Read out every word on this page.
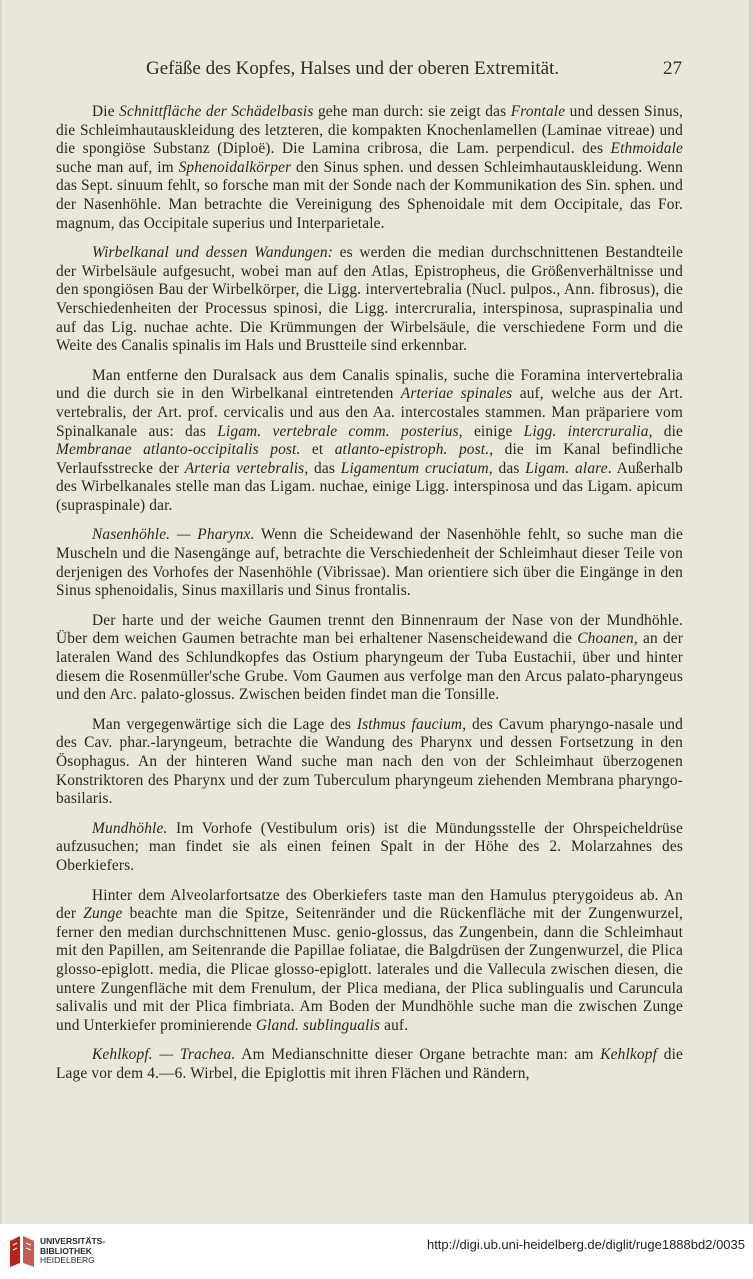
Gefäße des Kopfes, Halses und der oberen Extremität.	27

Die Schnittfläche der Schädelbasis gehe man durch: sie zeigt das Frontale und dessen Sinus, die Schleimhautauskleidung des letzteren, die kompakten Knochenlamellen (Laminae vitreae) und die spongiöse Substanz (Diploë). Die Lamina cribrosa, die Lam. perpendicul. des Ethmoidale suche man auf, im Sphenoidalkörper den Sinus sphen. und dessen Schleimhautauskleidung. Wenn das Sept. sinuum fehlt, so forsche man mit der Sonde nach der Kommunikation des Sin. sphen. und der Nasenhöhle. Man betrachte die Vereinigung des Sphenoidale mit dem Occipitale, das For. magnum, das Occipitale superius und Interparietale.

Wirbelkanal und dessen Wandungen: es werden die median durchschnittenen Bestandteile der Wirbelsäule aufgesucht, wobei man auf den Atlas, Epistropheus, die Größenverhältnisse und den spongiösen Bau der Wirbelkörper, die Ligg. intervertebralia (Nucl. pulpos., Ann. fibrosus), die Verschiedenheiten der Processus spinosi, die Ligg. intercruralia, interspinosa, supraspinalia und auf das Lig. nuchae achte. Die Krümmungen der Wirbelsäule, die verschiedene Form und die Weite des Canalis spinalis im Hals und Brustteile sind erkennbar.

Man entferne den Duralsack aus dem Canalis spinalis, suche die Foramina intervertebralia und die durch sie in den Wirbelkanal eintretenden Arteriae spinales auf, welche aus der Art. vertebralis, der Art. prof. cervicalis und aus den Aa. intercostales stammen. Man präpariere vom Spinalkanale aus: das Ligam. vertebrale comm. posterius, einige Ligg. intercruralia, die Membranae atlanto-occipitalis post. et atlanto-epistroph. post., die im Kanal befindliche Verlaufsstrecke der Arteria vertebralis, das Ligamentum cruciatum, das Ligam. alare. Außerhalb des Wirbelkanales stelle man das Ligam. nuchae, einige Ligg. interspinosa und das Ligam. apicum (supraspinale) dar.

Nasenhöhle. — Pharynx. Wenn die Scheidewand der Nasenhöhle fehlt, so suche man die Muscheln und die Nasengänge auf, betrachte die Verschiedenheit der Schleimhaut dieser Teile von derjenigen des Vorhofes der Nasenhöhle (Vibrissae). Man orientiere sich über die Eingänge in den Sinus sphenoidalis, Sinus maxillaris und Sinus frontalis.

Der harte und der weiche Gaumen trennt den Binnenraum der Nase von der Mundhöhle. Über dem weichen Gaumen betrachte man bei erhaltener Nasenscheidewand die Choanen, an der lateralen Wand des Schlundkopfes das Ostium pharyngeum der Tuba Eustachii, über und hinter diesem die Rosenmüller'sche Grube. Vom Gaumen aus verfolge man den Arcus palato-pharyngeus und den Arc. palato-glossus. Zwischen beiden findet man die Tonsille.

Man vergegenwärtige sich die Lage des Isthmus faucium, des Cavum pharyngo-nasale und des Cav. phar.-laryngeum, betrachte die Wandung des Pharynx und dessen Fortsetzung in den Ösophagus. An der hinteren Wand suche man nach den von der Schleimhaut überzogenen Konstriktoren des Pharynx und der zum Tuberculum pharyngeum ziehenden Membrana pharyngo-basilaris.

Mundhöhle. Im Vorhofe (Vestibulum oris) ist die Mündungsstelle der Ohrspeicheldrüse aufzusuchen; man findet sie als einen feinen Spalt in der Höhe des 2. Molarzahnes des Oberkiefers.

Hinter dem Alveolarfortsatze des Oberkiefers taste man den Hamulus pterygoideus ab. An der Zunge beachte man die Spitze, Seitenränder und die Rückenfläche mit der Zungenwurzel, ferner den median durchschnittenen Musc. genio-glossus, das Zungenbein, dann die Schleimhaut mit den Papillen, am Seitenrande die Papillae foliatae, die Balgdrüsen der Zungenwurzel, die Plica glosso-epiglott. media, die Plicae glosso-epiglott. laterales und die Vallecula zwischen diesen, die untere Zungenfläche mit dem Frenulum, der Plica mediana, der Plica sublingualis und Caruncula salivalis und mit der Plica fimbriata. Am Boden der Mundhöhle suche man die zwischen Zunge und Unterkiefer prominierende Gland. sublingualis auf.

Kehlkopf. — Trachea. Am Medianschnitte dieser Organe betrachte man: am Kehlkopf die Lage vor dem 4.—6. Wirbel, die Epiglottis mit ihren Flächen und Rändern,

UNIVERSITÄTS-
BIBLIOTHEK
HEIDELBERG
http://digi.ub.uni-heidelberg.de/diglit/ruge1888bd2/0035
